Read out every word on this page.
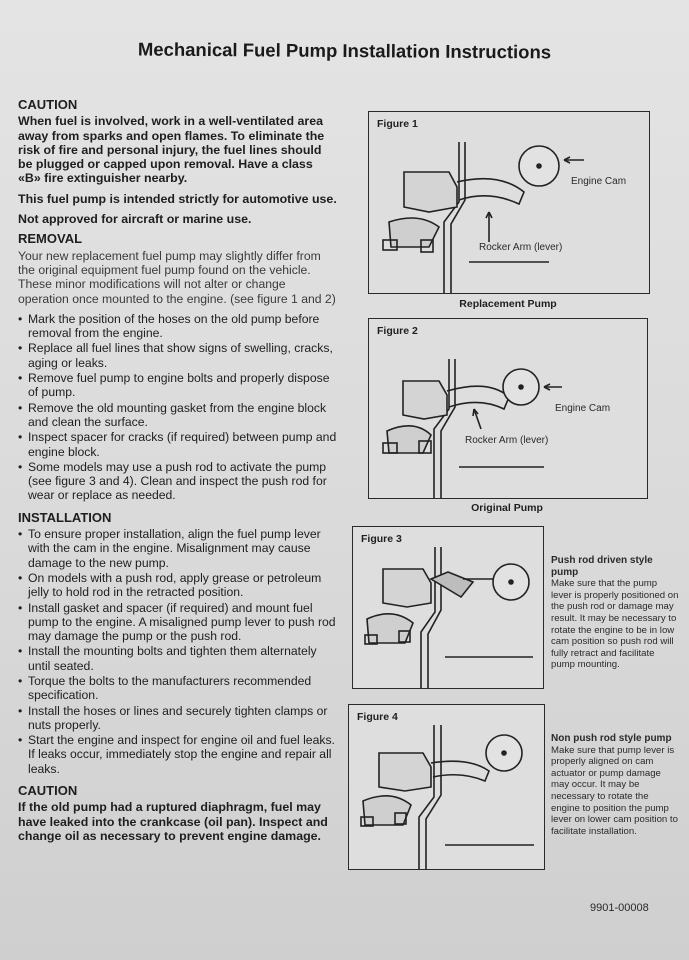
Mechanical Fuel Pump Installation Instructions
CAUTION
When fuel is involved, work in a well-ventilated area away from sparks and open flames. To eliminate the risk of fire and personal injury, the fuel lines should be plugged or capped upon removal. Have a class «B» fire extinguisher nearby.
This fuel pump is intended strictly for automotive use.
Not approved for aircraft or marine use.
REMOVAL
Your new replacement fuel pump may slightly differ from the original equipment fuel pump found on the vehicle. These minor modifications will not alter or change operation once mounted to the engine. (see figure 1 and 2)
• Mark the position of the hoses on the old pump before removal from the engine.
• Replace all fuel lines that show signs of swelling, cracks, aging or leaks.
• Remove fuel pump to engine bolts and properly dispose of pump.
• Remove the old mounting gasket from the engine block and clean the surface.
• Inspect spacer for cracks (if required) between pump and engine block.
• Some models may use a push rod to activate the pump (see figure 3 and 4). Clean and inspect the push rod for wear or replace as needed.
INSTALLATION
• To ensure proper installation, align the fuel pump lever with the cam in the engine. Misalignment may cause damage to the new pump.
• On models with a push rod, apply grease or petroleum jelly to hold rod in the retracted position.
• Install gasket and spacer (if required) and mount fuel pump to the engine. A misaligned pump lever to push rod may damage the pump or the push rod.
• Install the mounting bolts and tighten them alternately until seated.
• Torque the bolts to the manufacturers recommended specification.
• Install the hoses or lines and securely tighten clamps or nuts properly.
• Start the engine and inspect for engine oil and fuel leaks. If leaks occur, immediately stop the engine and repair all leaks.
CAUTION
If the old pump had a ruptured diaphragm, fuel may have leaked into the crankcase (oil pan). Inspect and change oil as necessary to prevent engine damage.
Figure 1
Engine Cam
Rocker Arm (lever)
Replacement Pump
Figure 2
Engine Cam
Rocker Arm (lever)
Original Pump
Figure 3
Push rod driven style pump
Make sure that the pump lever is properly positioned on the push rod or damage may result. It may be necessary to rotate the engine to be in low cam position so push rod will fully retract and facilitate pump mounting.
Figure 4
Non push rod style pump
Make sure that pump lever is properly aligned on cam actuator or pump damage may occur. It may be necessary to rotate the engine to position the pump lever on lower cam position to facilitate installation.
9901-00008
